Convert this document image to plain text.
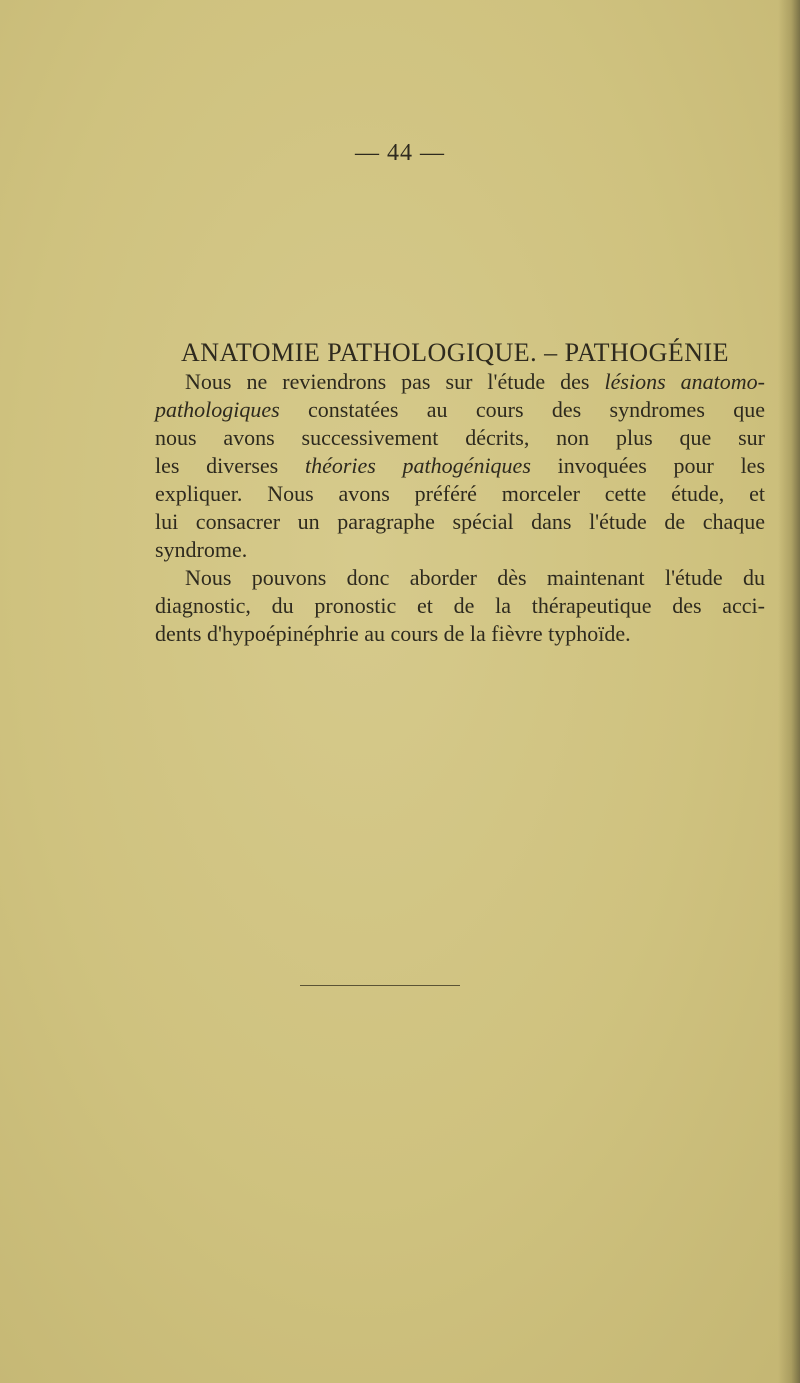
— 44 —
ANATOMIE PATHOLOGIQUE. – PATHOGÉNIE
Nous ne reviendrons pas sur l'étude des lésions anatomo-
pathologiques constatées au cours des syndromes que
nous avons successivement décrits, non plus que sur
les diverses théories pathogéniques invoquées pour les
expliquer. Nous avons préféré morceler cette étude, et
lui consacrer un paragraphe spécial dans l'étude de chaque
syndrome.
Nous pouvons donc aborder dès maintenant l'étude du
diagnostic, du pronostic et de la thérapeutique des acci-
dents d'hypoépinéphrie au cours de la fièvre typhoïde.
